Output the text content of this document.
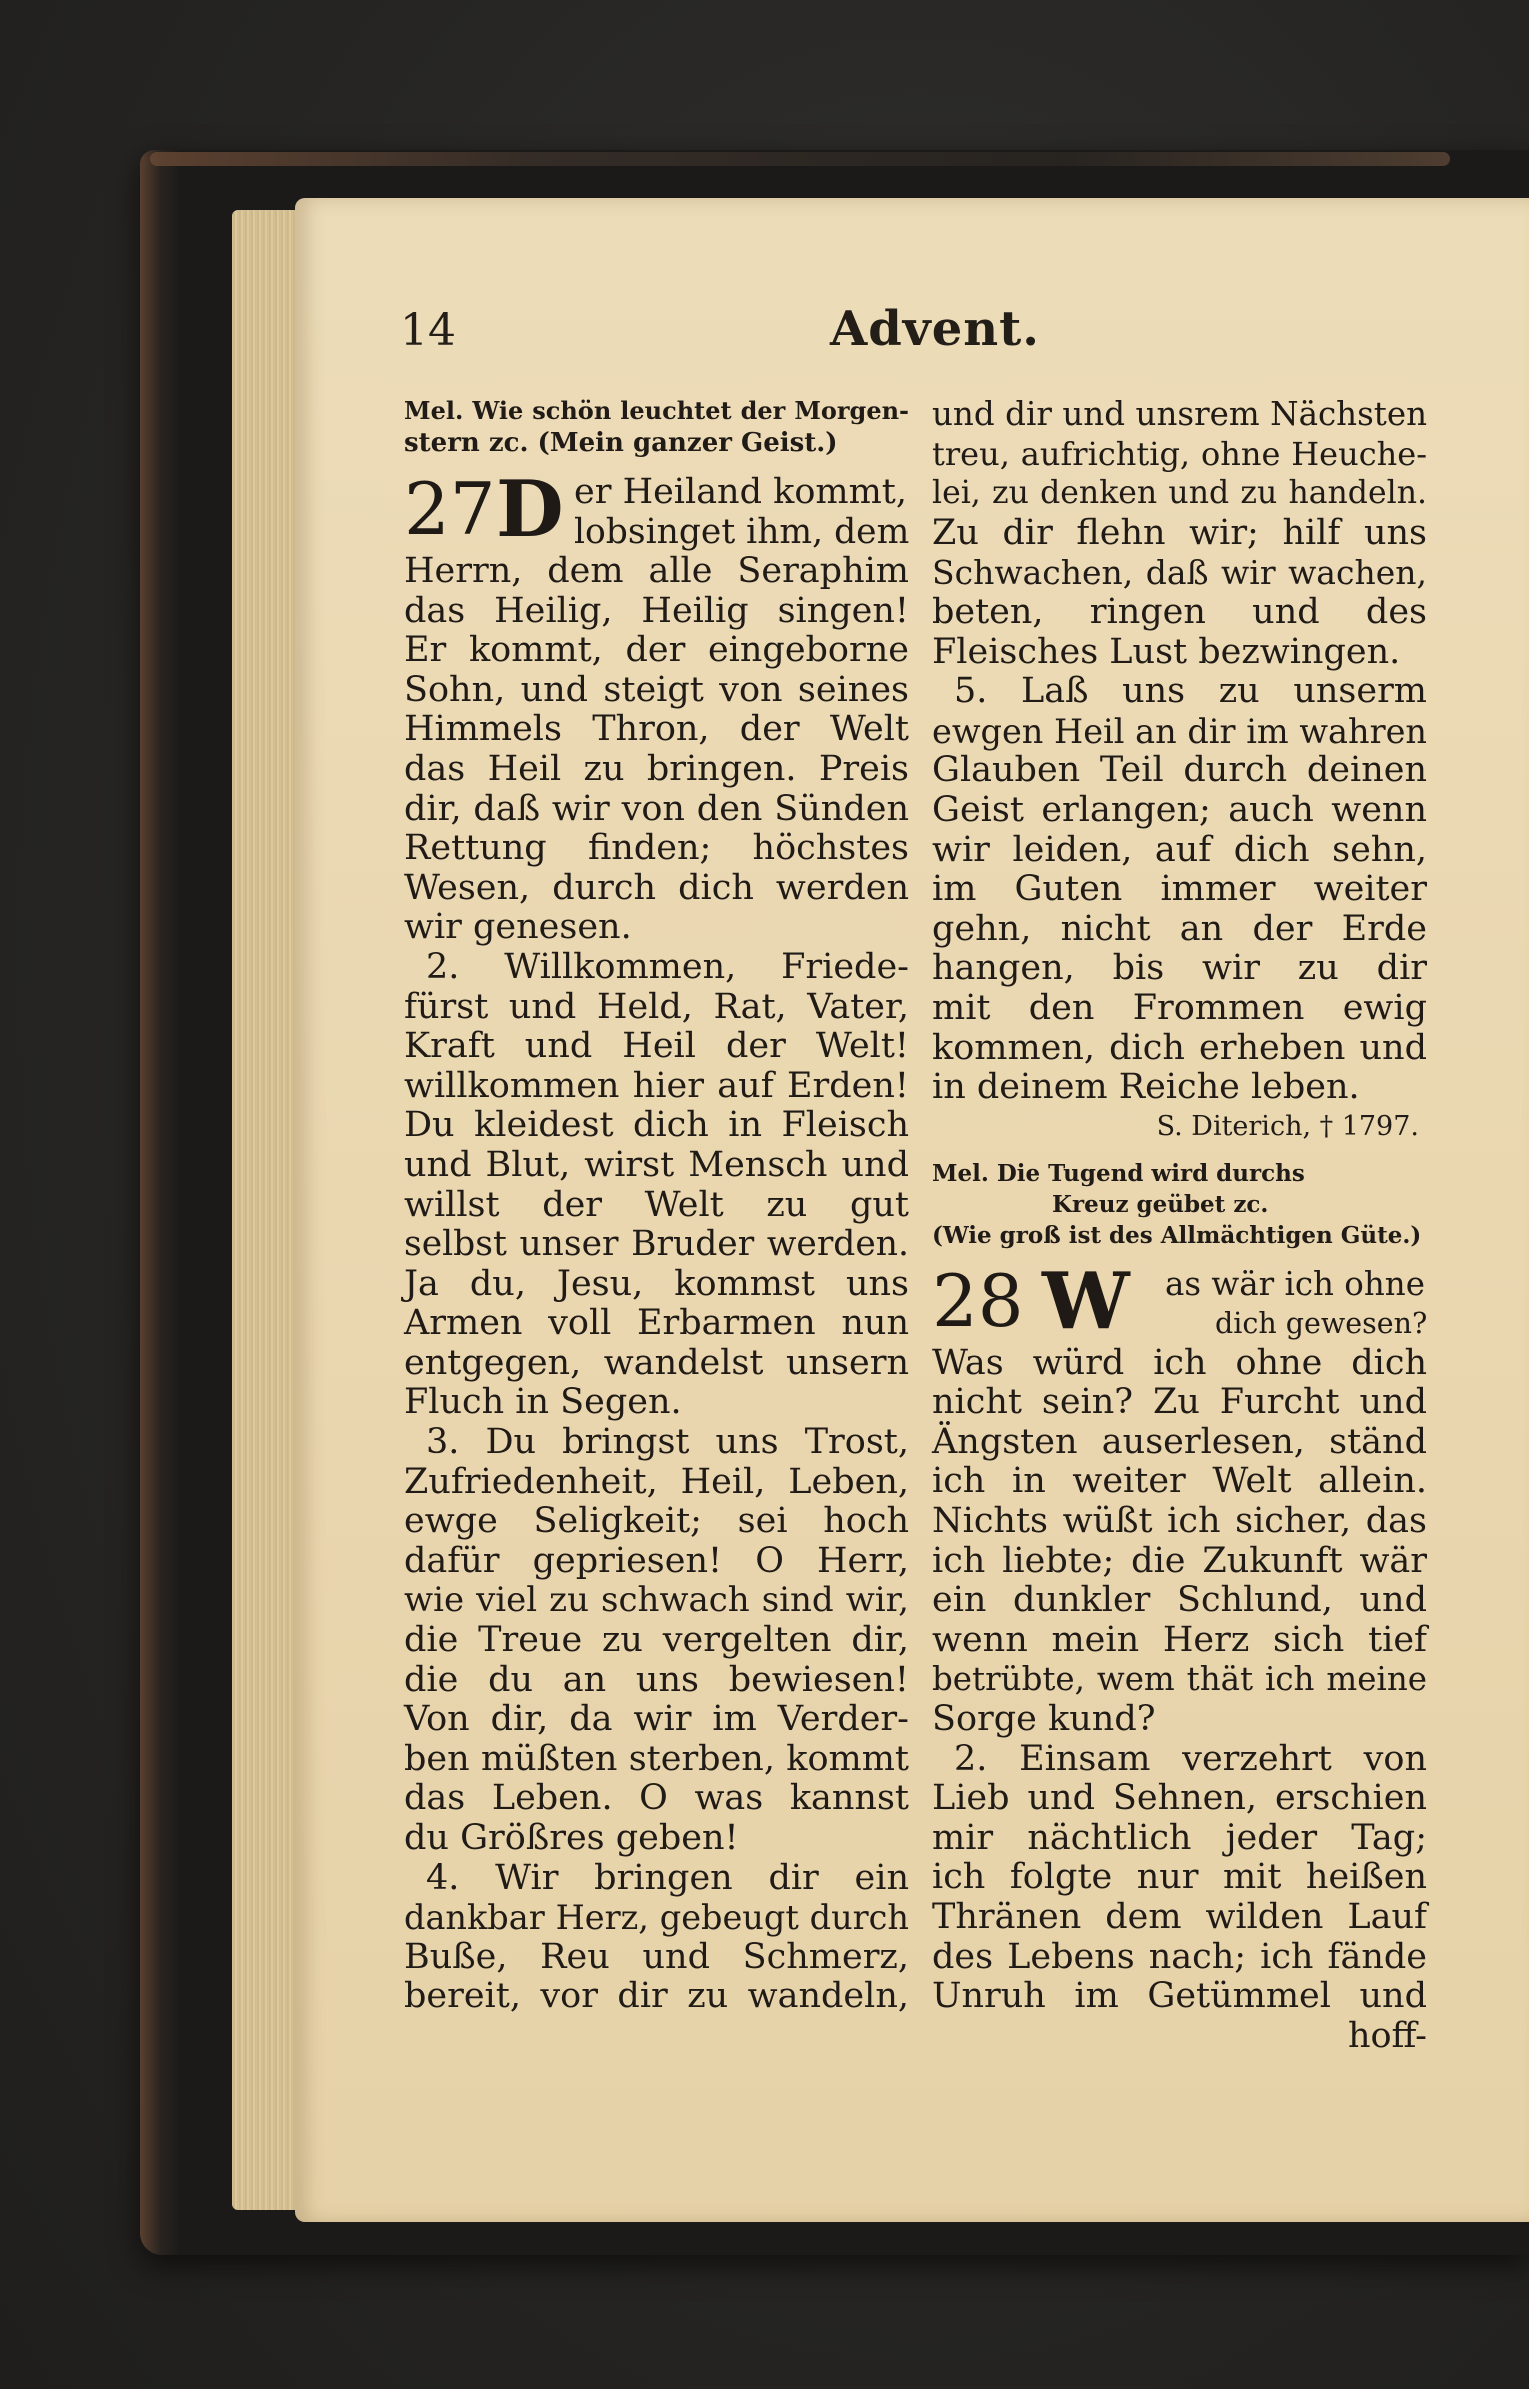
14	Advent.
Mel. Wie schön leuchtet der Morgen-
stern zc. (Mein ganzer Geist.)
27 D er Heiland kommt,
lobsinget ihm, dem
Herrn, dem alle Seraphim
das Heilig, Heilig singen!
Er kommt, der eingeborne
Sohn, und steigt von seines
Himmels Thron, der Welt
das Heil zu bringen. Preis
dir, daß wir von den Sünden
Rettung finden; höchstes
Wesen, durch dich werden
wir genesen.
2. Willkommen, Friede-
fürst und Held, Rat, Vater,
Kraft und Heil der Welt!
willkommen hier auf Erden!
Du kleidest dich in Fleisch
und Blut, wirst Mensch und
willst der Welt zu gut
selbst unser Bruder werden.
Ja du, Jesu, kommst uns
Armen voll Erbarmen nun
entgegen, wandelst unsern
Fluch in Segen.
3. Du bringst uns Trost,
Zufriedenheit, Heil, Leben,
ewge Seligkeit; sei hoch
dafür gepriesen! O Herr,
wie viel zu schwach sind wir,
die Treue zu vergelten dir,
die du an uns bewiesen!
Von dir, da wir im Verder-
ben müßten sterben, kommt
das Leben. O was kannst
du Größres geben!
4. Wir bringen dir ein
dankbar Herz, gebeugt durch
Buße, Reu und Schmerz,
bereit, vor dir zu wandeln,
und dir und unsrem Nächsten
treu, aufrichtig, ohne Heuche-
lei, zu denken und zu handeln.
Zu dir flehn wir; hilf uns
Schwachen, daß wir wachen,
beten, ringen und des
Fleisches Lust bezwingen.
5. Laß uns zu unserm
ewgen Heil an dir im wahren
Glauben Teil durch deinen
Geist erlangen; auch wenn
wir leiden, auf dich sehn,
im Guten immer weiter
gehn, nicht an der Erde
hangen, bis wir zu dir
mit den Frommen ewig
kommen, dich erheben und
in deinem Reiche leben.
S. Diterich, † 1797.
Mel. Die Tugend wird durchs
Kreuz geübet zc.
(Wie groß ist des Allmächtigen Güte.)
28 W as wär ich ohne
dich gewesen?
Was würd ich ohne dich
nicht sein? Zu Furcht und
Ängsten auserlesen, ständ
ich in weiter Welt allein.
Nichts wüßt ich sicher, das
ich liebte; die Zukunft wär
ein dunkler Schlund, und
wenn mein Herz sich tief
betrübte, wem thät ich meine
Sorge kund?
2. Einsam verzehrt von
Lieb und Sehnen, erschien
mir nächtlich jeder Tag;
ich folgte nur mit heißen
Thränen dem wilden Lauf
des Lebens nach; ich fände
Unruh im Getümmel und
hoff-
